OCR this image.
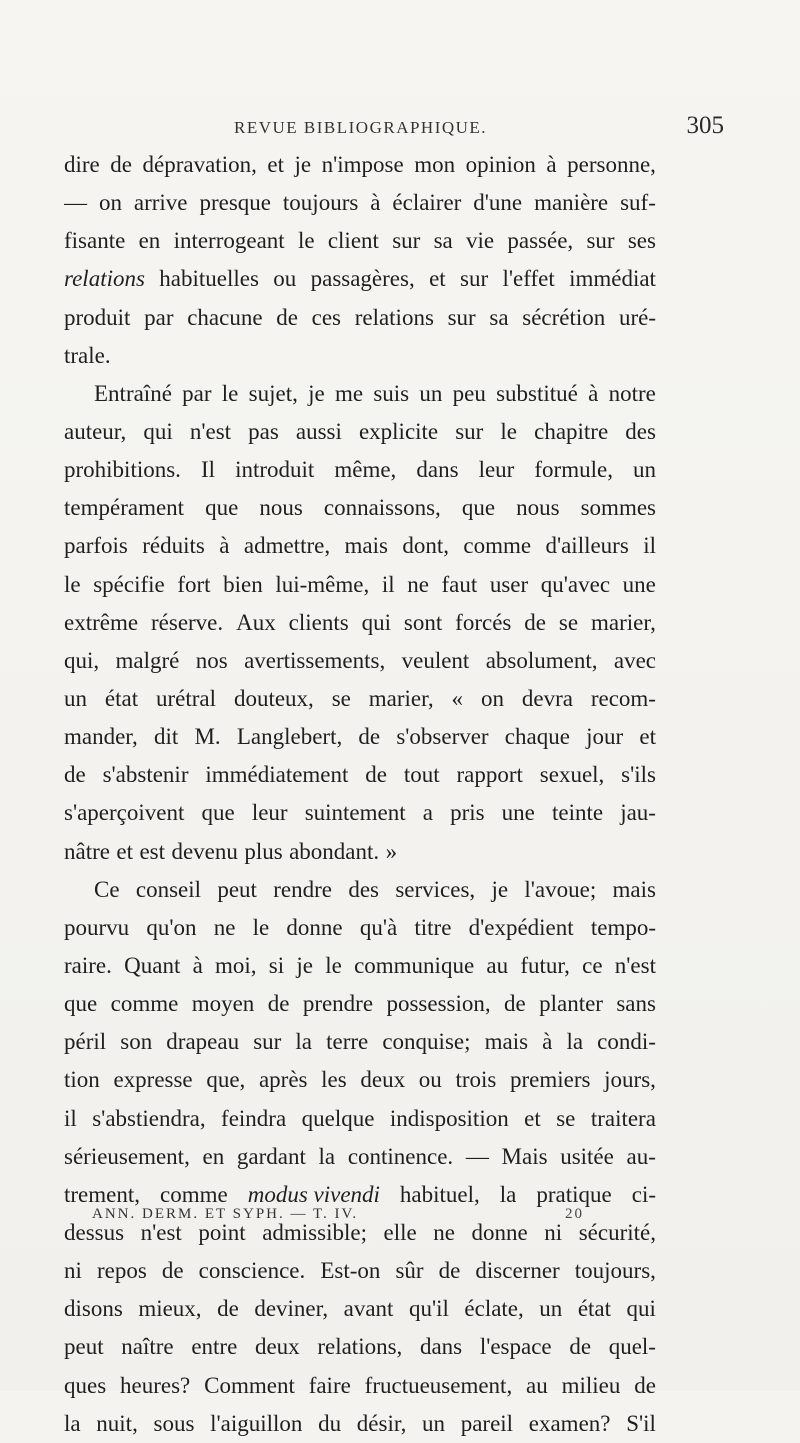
REVUE BIBLIOGRAPHIQUE.	305
dire de dépravation, et je n'impose mon opinion à personne,
— on arrive presque toujours à éclairer d'une manière suf-
fisante en interrogeant le client sur sa vie passée, sur ses
relations habituelles ou passagères, et sur l'effet immédiat
produit par chacune de ces relations sur sa sécrétion uré-
trale.
Entraîné par le sujet, je me suis un peu substitué à notre
auteur, qui n'est pas aussi explicite sur le chapitre des
prohibitions. Il introduit même, dans leur formule, un
tempérament que nous connaissons, que nous sommes
parfois réduits à admettre, mais dont, comme d'ailleurs il
le spécifie fort bien lui-même, il ne faut user qu'avec une
extrême réserve. Aux clients qui sont forcés de se marier,
qui, malgré nos avertissements, veulent absolument, avec
un état urétral douteux, se marier, « on devra recom-
mander, dit M. Langlebert, de s'observer chaque jour et
de s'abstenir immédiatement de tout rapport sexuel, s'ils
s'aperçoivent que leur suintement a pris une teinte jau-
nâtre et est devenu plus abondant. »
Ce conseil peut rendre des services, je l'avoue; mais
pourvu qu'on ne le donne qu'à titre d'expédient tempo-
raire. Quant à moi, si je le communique au futur, ce n'est
que comme moyen de prendre possession, de planter sans
péril son drapeau sur la terre conquise; mais à la condi-
tion expresse que, après les deux ou trois premiers jours,
il s'abstiendra, feindra quelque indisposition et se traitera
sérieusement, en gardant la continence. — Mais usitée au-
trement, comme modus vivendi habituel, la pratique ci-
dessus n'est point admissible; elle ne donne ni sécurité,
ni repos de conscience. Est-on sûr de discerner toujours,
disons mieux, de deviner, avant qu'il éclate, un état qui
peut naître entre deux relations, dans l'espace de quel-
ques heures? Comment faire fructueusement, au milieu de
la nuit, sous l'aiguillon du désir, un pareil examen? S'il
ANN. DERM. ET SYPH. — T. IV.	20
